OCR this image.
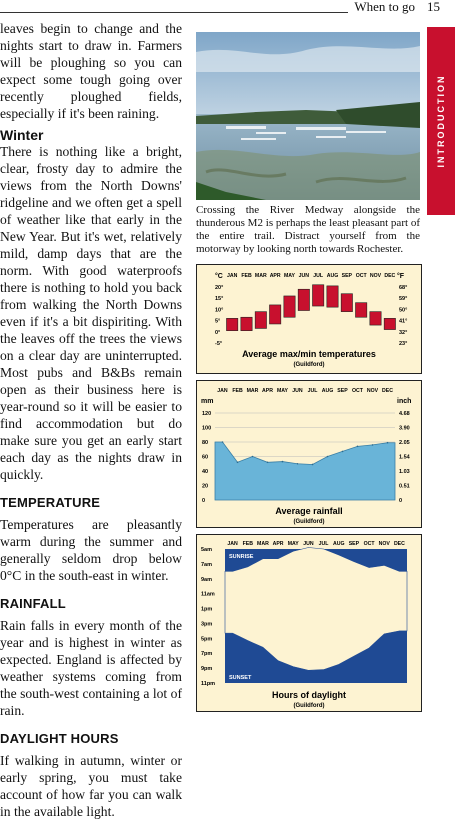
When to go 15
INTRODUCTION

leaves begin to change and the nights start to draw in. Farmers will be ploughing so you can expect some tough going over recently ploughed fields, especially if it's been raining.

Winter

There is nothing like a bright, clear, frosty day to admire the views from the North Downs' ridgeline and we often get a spell of weather like that early in the New Year. But it's wet, relatively mild, damp days that are the norm. With good waterproofs there is nothing to hold you back from walking the North Downs even if it's a bit dispiriting. With the leaves off the trees the views on a clear day are uninterrupted. Most pubs and B&Bs remain open as their business here is year-round so it will be easier to find accommodation but do make sure you get an early start each day as the nights draw in quickly.

TEMPERATURE

Temperatures are pleasantly warm during the summer and generally seldom drop below 0°C in the south-east in winter.

RAINFALL

Rain falls in every month of the year and is highest in winter as expected. England is affected by weather systems coming from the south-west containing a lot of rain.

DAYLIGHT HOURS

If walking in autumn, winter or early spring, you must take account of how far you can walk in the available light.

Crossing the River Medway alongside the thunderous M2 is perhaps the least pleasant part of the entire trail. Distract yourself from the motorway by looking north towards Rochester.
°C	°F
Average max/min temperatures
(Guildford)
JAN FEB MAR APR MAY JUN JUL AUG SEP OCT NOV DEC
20°	68°
15°	59°
10°	50°
5°	41°
0°	32°
-5°	23°
mm	inch
Average rainfall
(Guildford)
JAN FEB MAR APR MAY JUN JUL AUG SEP OCT NOV DEC
120	4.68
100	3.90
80	2.05
60	1.54
40	1.03
20	0.51
0	0
Hours of daylight
(Guildford)
JAN FEB MAR APR MAY JUN JUL AUG SEP OCT NOV DEC
5am
7am
9am
11am
1pm
3pm
5pm
7pm
9pm
11pm
SUNRISE
SUNSET
